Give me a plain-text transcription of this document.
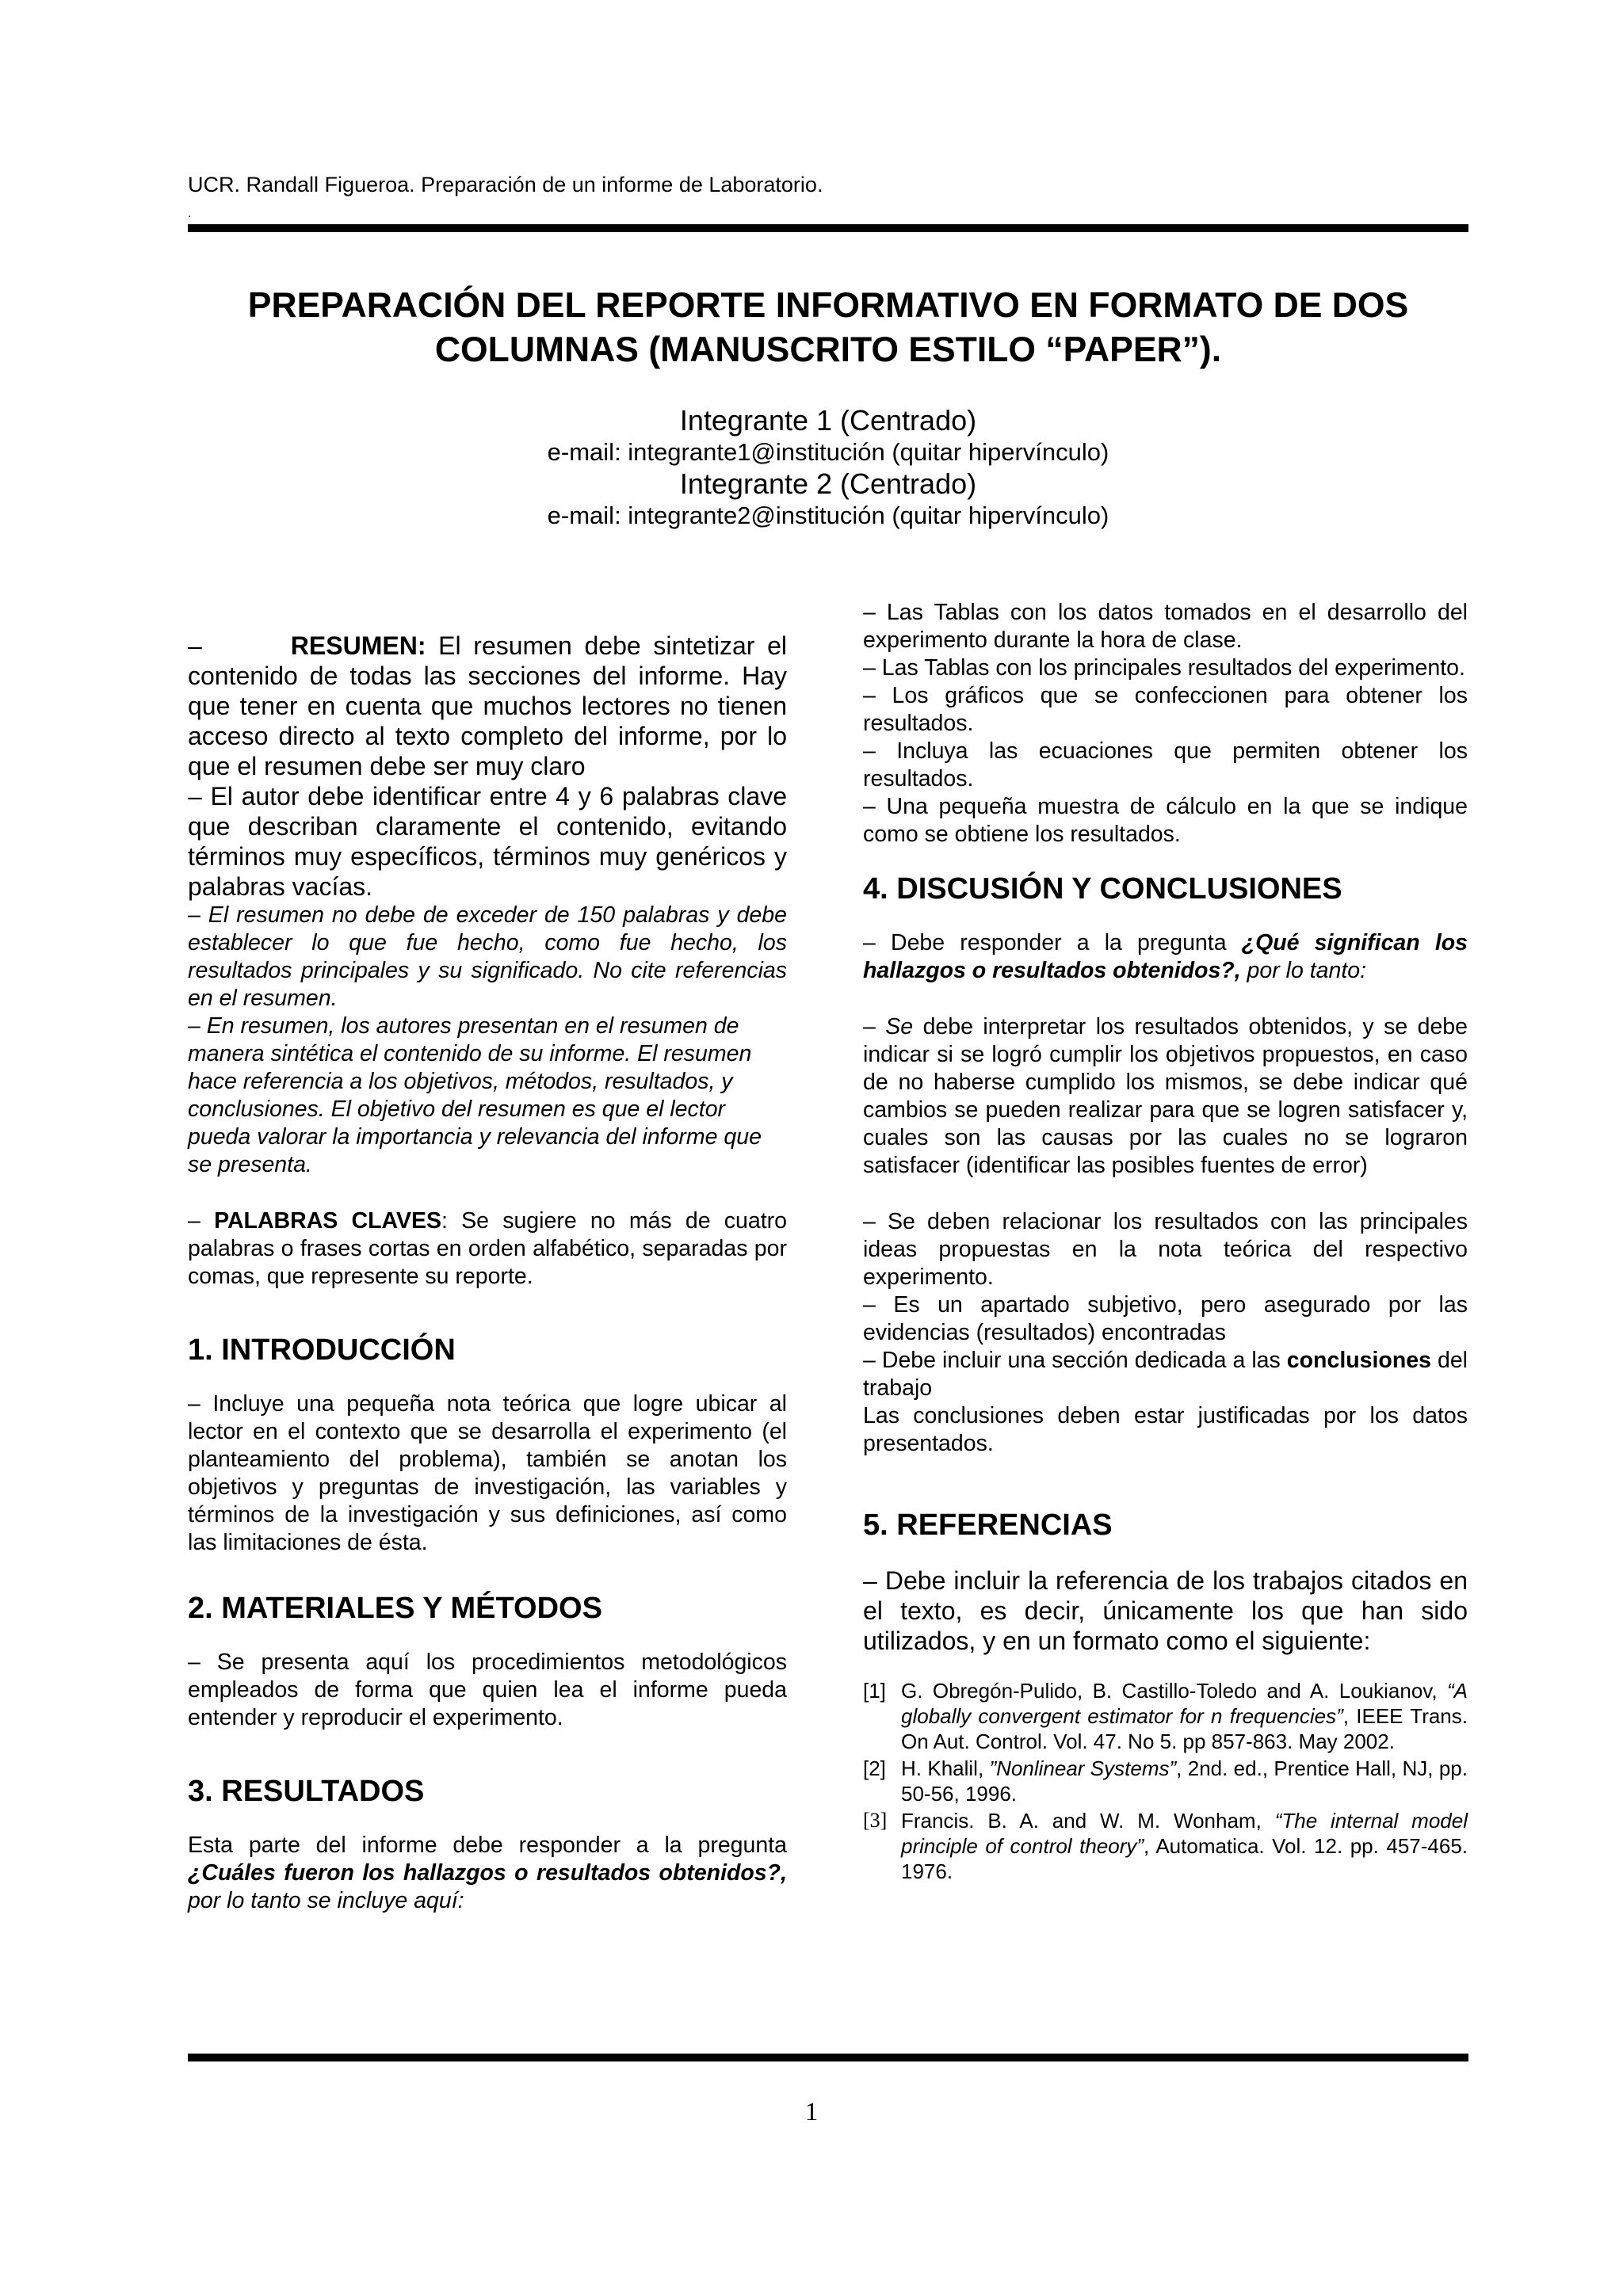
UCR. Randall Figueroa. Preparación de un informe de Laboratorio.
.
PREPARACIÓN DEL REPORTE INFORMATIVO EN FORMATO DE DOS
COLUMNAS (MANUSCRITO ESTILO “PAPER”).
Integrante 1 (Centrado)
e-mail: integrante1@institución (quitar hipervínculo)
Integrante 2 (Centrado)
e-mail: integrante2@institución (quitar hipervínculo)

–	RESUMEN: El resumen debe sintetizar el contenido de todas las secciones del informe. Hay que tener en cuenta que muchos lectores no tienen acceso directo al texto completo del informe, por lo que el resumen debe ser muy claro

– El autor debe identificar entre 4 y 6 palabras clave que describan claramente el contenido, evitando términos muy específicos, términos muy genéricos y palabras vacías.

– El resumen no debe de exceder de 150 palabras y debe establecer lo que fue hecho, como fue hecho, los resultados principales y su significado. No cite referencias en el resumen.

– En resumen, los autores presentan en el resumen de manera sintética el contenido de su informe. El resumen hace referencia a los objetivos, métodos, resultados, y conclusiones. El objetivo del resumen es que el lector pueda valorar la importancia y relevancia del informe que se presenta.

– PALABRAS CLAVES: Se sugiere no más de cuatro palabras o frases cortas en orden alfabético, separadas por comas, que represente su reporte.

1. INTRODUCCIÓN

– Incluye una pequeña nota teórica que logre ubicar al lector en el contexto que se desarrolla el experimento (el planteamiento del problema), también se anotan los objetivos y preguntas de investigación, las variables y términos de la investigación y sus definiciones, así como las limitaciones de ésta.

2. MATERIALES Y MÉTODOS

– Se presenta aquí los procedimientos metodológicos empleados de forma que quien lea el informe pueda entender y reproducir el experimento.

3. RESULTADOS

Esta parte del informe debe responder a la pregunta ¿Cuáles fueron los hallazgos o resultados obtenidos?, por lo tanto se incluye aquí:

– Las Tablas con los datos tomados en el desarrollo del experimento durante la hora de clase.

– Las Tablas con los principales resultados del experimento.

– Los gráficos que se confeccionen para obtener los resultados.

– Incluya las ecuaciones que permiten obtener los resultados.

– Una pequeña muestra de cálculo en la que se indique como se obtiene los resultados.

4. DISCUSIÓN Y CONCLUSIONES

– Debe responder a la pregunta ¿Qué significan los hallazgos o resultados obtenidos?, por lo tanto:

– Se debe interpretar los resultados obtenidos, y se debe indicar si se logró cumplir los objetivos propuestos, en caso de no haberse cumplido los mismos, se debe indicar qué cambios se pueden realizar para que se logren satisfacer y, cuales son las causas por las cuales no se lograron satisfacer (identificar las posibles fuentes de error)

– Se deben relacionar los resultados con las principales ideas propuestas en la nota teórica del respectivo experimento.

– Es un apartado subjetivo, pero asegurado por las evidencias (resultados) encontradas

– Debe incluir una sección dedicada a las conclusiones del trabajo

Las conclusiones deben estar justificadas por los datos presentados.

5. REFERENCIAS

– Debe incluir la referencia de los trabajos citados en el texto, es decir, únicamente los que han sido utilizados, y en un formato como el siguiente:

[1] G. Obregón-Pulido, B. Castillo-Toledo and A. Loukianov, “A globally convergent estimator for n frequencies”, IEEE Trans. On Aut. Control. Vol. 47. No 5. pp 857-863. May 2002.
[2] H. Khalil, ”Nonlinear Systems”, 2nd. ed., Prentice Hall, NJ, pp. 50-56, 1996.
[3] Francis. B. A. and W. M. Wonham, “The internal model principle of control theory”, Automatica. Vol. 12. pp. 457-465. 1976.
1
